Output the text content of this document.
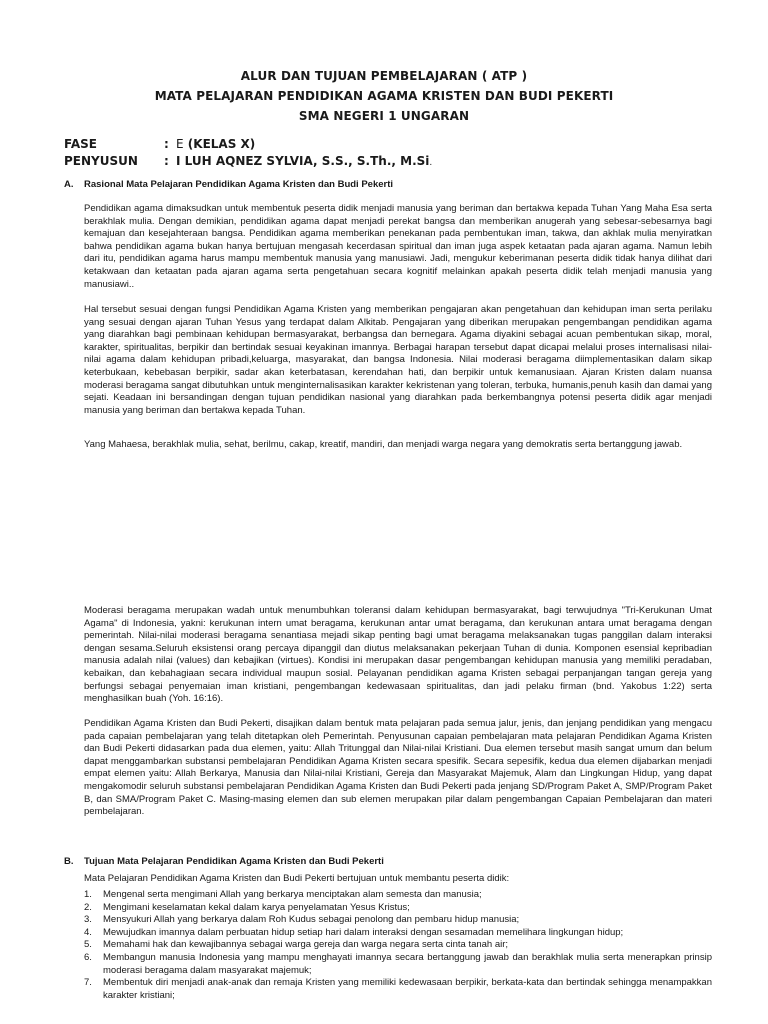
ALUR DAN TUJUAN PEMBELAJARAN ( ATP )
MATA PELAJARAN PENDIDIKAN AGAMA KRISTEN DAN BUDI PEKERTI
SMA NEGERI 1 UNGARAN
FASE	: E (KELAS X)
PENYUSUN	: I LUH AQNEZ SYLVIA, S.S., S.Th., M.Si.
A. Rasional Mata Pelajaran Pendidikan Agama Kristen dan Budi Pekerti
Pendidikan agama dimaksudkan untuk membentuk peserta didik menjadi manusia yang beriman dan bertakwa kepada Tuhan Yang Maha Esa serta berakhlak mulia. Dengan demikian, pendidikan agama dapat menjadi perekat bangsa dan memberikan anugerah yang sebesar-sebesarnya bagi kemajuan dan kesejahteraan bangsa. Pendidikan agama memberikan penekanan pada pembentukan iman, takwa, dan akhlak mulia menyiratkan bahwa pendidikan agama bukan hanya bertujuan mengasah kecerdasan spiritual dan iman juga aspek ketaatan pada ajaran agama. Namun lebih dari itu, pendidikan agama harus mampu membentuk manusia yang manusiawi. Jadi, mengukur keberimanan peserta didik tidak hanya dilihat dari ketakwaan dan ketaatan pada ajaran agama serta pengetahuan secara kognitif melainkan apakah peserta didik telah menjadi manusia yang manusiawi..
Hal tersebut sesuai dengan fungsi Pendidikan Agama Kristen yang memberikan pengajaran akan pengetahuan dan kehidupan iman serta perilaku yang sesuai dengan ajaran Tuhan Yesus yang terdapat dalam Alkitab. Pengajaran yang diberikan merupakan pengembangan pendidikan agama yang diarahkan bagi pembinaan kehidupan bermasyarakat, berbangsa dan bernegara. Agama diyakini sebagai acuan pembentukan sikap, moral, karakter, spiritualitas, berpikir dan bertindak sesuai keyakinan imannya. Berbagai harapan tersebut dapat dicapai melalui proses internalisasi nilai-nilai agama dalam kehidupan pribadi,keluarga, masyarakat, dan bangsa Indonesia. Nilai moderasi beragama diimplementasikan dalam sikap keterbukaan, kebebasan berpikir, sadar akan keterbatasan, kerendahan hati, dan berpikir untuk kemanusiaan. Ajaran Kristen dalam nuansa moderasi beragama sangat dibutuhkan untuk menginternalisasikan karakter kekristenan yang toleran, terbuka, humanis,penuh kasih dan damai yang sejati. Keadaan ini bersandingan dengan tujuan pendidikan nasional yang diarahkan pada berkembangnya potensi peserta didik agar menjadi manusia yang beriman dan bertakwa kepada Tuhan.
Yang Mahaesa, berakhlak mulia, sehat, berilmu, cakap, kreatif, mandiri, dan menjadi warga negara yang demokratis serta bertanggung jawab.
Moderasi beragama merupakan wadah untuk menumbuhkan toleransi dalam kehidupan bermasyarakat, bagi terwujudnya "Tri-Kerukunan Umat Agama" di Indonesia, yakni: kerukunan intern umat beragama, kerukunan antar umat beragama, dan kerukunan antara umat beragama dengan pemerintah. Nilai-nilai moderasi beragama senantiasa mejadi sikap penting bagi umat beragama melaksanakan tugas panggilan dalam interaksi dengan sesama.Seluruh eksistensi orang percaya dipanggil dan diutus melaksanakan pekerjaan Tuhan di dunia. Komponen esensial kepribadian manusia adalah nilai (values) dan kebajikan (virtues). Kondisi ini merupakan dasar pengembangan kehidupan manusia yang memiliki peradaban, kebaikan, dan kebahagiaan secara individual maupun sosial. Pelayanan pendidikan agama Kristen sebagai perpanjangan tangan gereja yang berfungsi sebagai penyemaian iman kristiani, pengembangan kedewasaan spiritualitas, dan jadi pelaku firman (bnd. Yakobus 1:22) serta menghasilkan buah (Yoh. 16:16).
Pendidikan Agama Kristen dan Budi Pekerti, disajikan dalam bentuk mata pelajaran pada semua jalur, jenis, dan jenjang pendidikan yang mengacu pada capaian pembelajaran yang telah ditetapkan oleh Pemerintah. Penyusunan capaian pembelajaran mata pelajaran Pendidikan Agama Kristen dan Budi Pekerti didasarkan pada dua elemen, yaitu: Allah Tritunggal dan Nilai-nilai Kristiani. Dua elemen tersebut masih sangat umum dan belum dapat menggambarkan substansi pembelajaran Pendidikan Agama Kristen secara spesifik. Secara sepesifik, kedua dua elemen dijabarkan menjadi empat elemen yaitu: Allah Berkarya, Manusia dan Nilai-nilai Kristiani, Gereja dan Masyarakat Majemuk, Alam dan Lingkungan Hidup, yang dapat mengakomodir seluruh substansi pembelajaran Pendidikan Agama Kristen dan Budi Pekerti pada jenjang SD/Program Paket A, SMP/Program Paket B, dan SMA/Program Paket C. Masing-masing elemen dan sub elemen merupakan pilar dalam pengembangan Capaian Pembelajaran dan materi pembelajaran.
B. Tujuan Mata Pelajaran Pendidikan Agama Kristen dan Budi Pekerti
Mata Pelajaran Pendidikan Agama Kristen dan Budi Pekerti bertujuan untuk membantu peserta didik:
1.	Mengenal serta mengimani Allah yang berkarya menciptakan alam semesta dan manusia;
2.	Mengimani keselamatan kekal dalam karya penyelamatan Yesus Kristus;
3.	Mensyukuri Allah yang berkarya dalam Roh Kudus sebagai penolong dan pembaru hidup manusia;
4.	Mewujudkan imannya dalam perbuatan hidup setiap hari dalam interaksi dengan sesamadan memelihara lingkungan hidup;
5.	Memahami hak dan kewajibannya sebagai warga gereja dan warga negara serta cinta tanah air;
6.	Membangun manusia Indonesia yang mampu menghayati imannya secara bertanggung jawab dan berakhlak mulia serta menerapkan prinsip moderasi beragama dalam masyarakat majemuk;
7.	Membentuk diri menjadi anak-anak dan remaja Kristen yang memiliki kedewasaan berpikir, berkata-kata dan bertindak sehingga menampakkan karakter kristiani;
